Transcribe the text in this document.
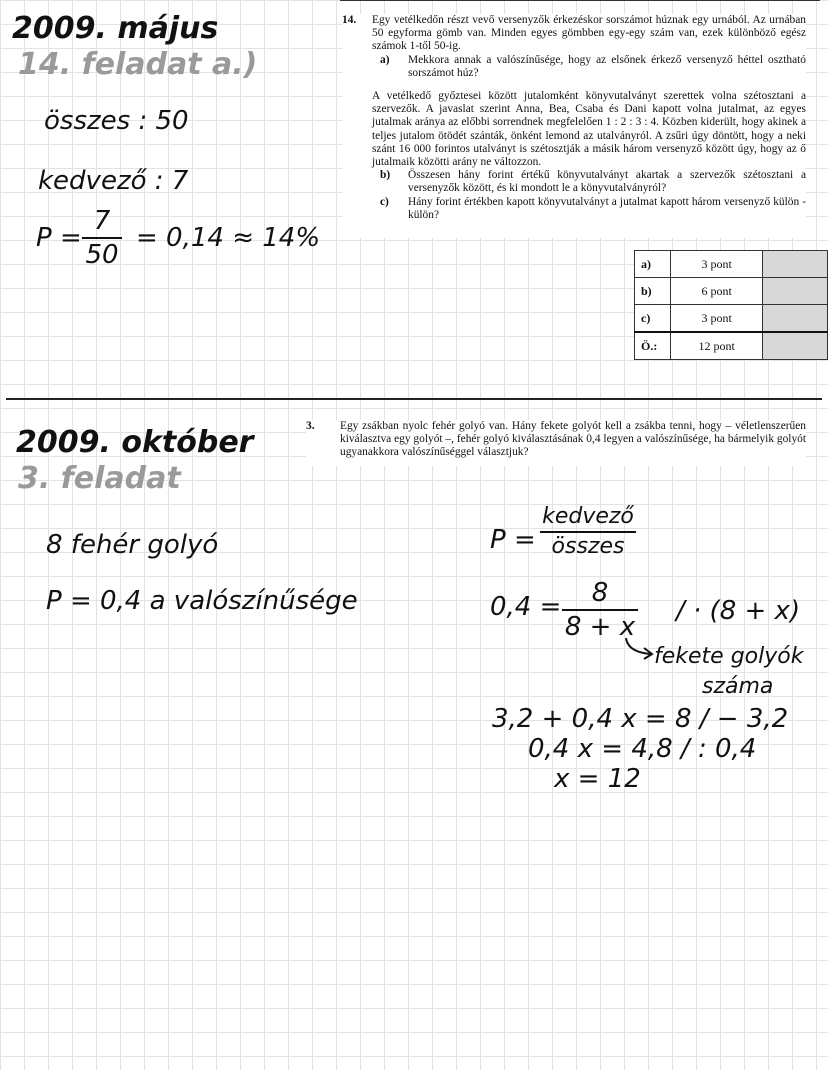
2009. május
14. feladat a.)
összes : 50
kedvező : 7
P =
7
50
= 0,14 ≈ 14%
14. Egy vetélkedőn részt vevő versenyzők érkezéskor sorszámot húznak egy urnából. Az urnában 50 egyforma gömb van. Minden egyes gömbben egy-egy szám van, ezek különböző egész számok 1-től 50-ig.

a) Mekkora annak a valószínűsége, hogy az elsőnek érkező versenyző héttel osztható sorszámot húz?

A vetélkedő győztesei között jutalomként könyvutalványt szerettek volna szétosztani a szervezők. A javaslat szerint Anna, Bea, Csaba és Dani kapott volna jutalmat, az egyes jutalmak aránya az előbbi sorrendnek megfelelően 1 : 2 : 3 : 4. Közben kiderült, hogy akinek a teljes jutalom ötödét szánták, önként lemond az utalványról. A zsűri úgy döntött, hogy a neki szánt 16 000 forintos utalványt is szétosztják a másik három versenyző között úgy, hogy az ő jutalmaik közötti arány ne változzon.

b) Összesen hány forint értékű könyvutalványt akartak a szervezők szétosztani a versenyzők között, és ki mondott le a könyvutalványról?

c) Hány forint értékben kapott könyvutalványt a jutalmat kapott három versenyző külön - külön?

a)	3 pont	
b)	6 pont	
c)	3 pont	
Ö.:	12 pont	
2009. október
3. feladat
3.	Egy zsákban nyolc fehér golyó van. Hány fekete golyót kell a zsákba tenni, hogy – véletlenszerűen kiválasztva egy golyót –, fehér golyó kiválasztásának 0,4 legyen a valószínűsége, ha bármelyik golyót ugyanakkora valószínűséggel választjuk?

8 fehér golyó
P = 0,4 a valószínűsége
P =
kedvező
összes
0,4 =	8
8 + x
/ · (8 + x)
fekete golyók
száma
3,2 + 0,4 x = 8 / − 3,2
0,4 x = 4,8 / : 0,4
x = 12
